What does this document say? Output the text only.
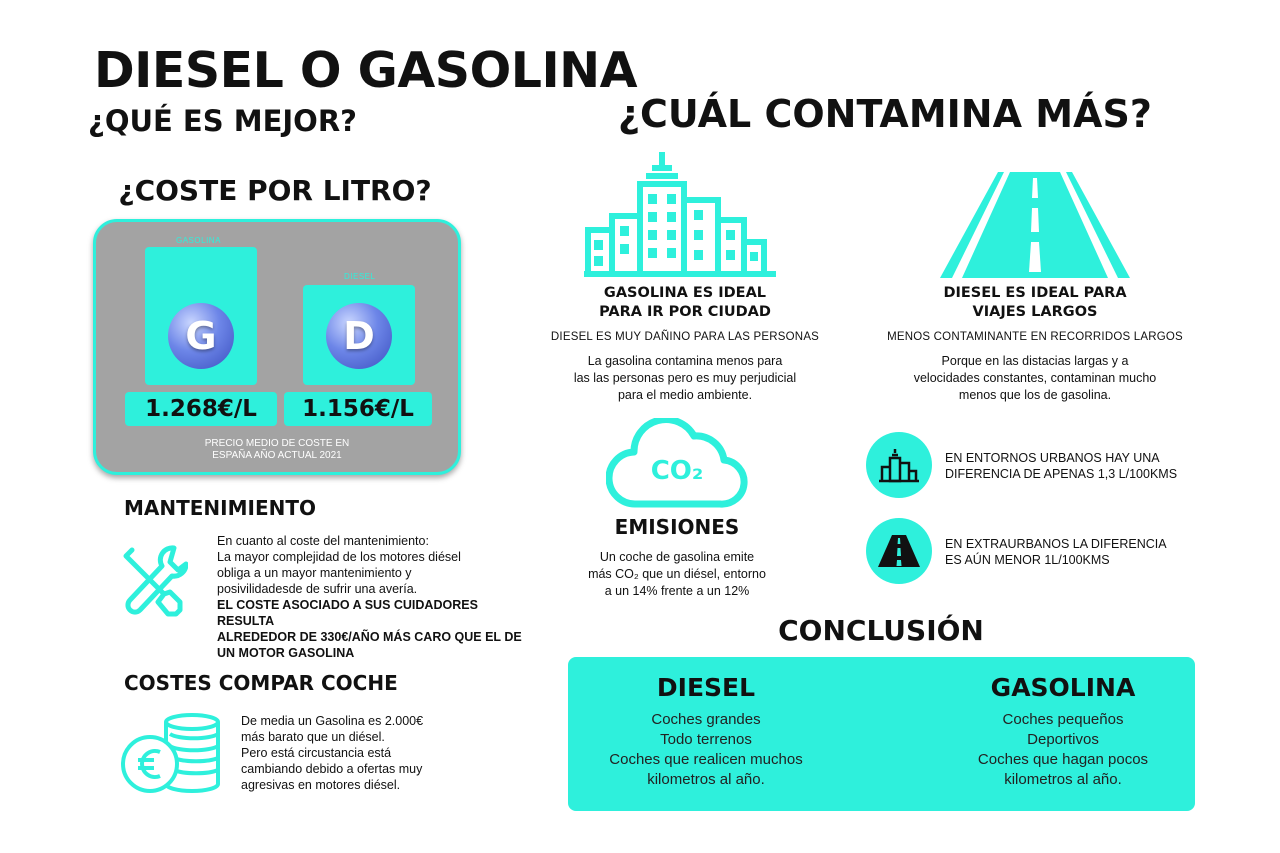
DIESEL O GASOLINA
¿QUÉ ES MEJOR?	¿CUÁL CONTAMINA MÁS?
¿COSTE POR LITRO?
GASOLINA
G
DIESEL
D
1.268€/L	1.156€/L
PRECIO MEDIO DE COSTE EN
ESPAÑA AÑO ACTUAL 2021
MANTENIMIENTO
En cuanto al coste del mantenimiento:
La mayor complejidad de los motores diésel
obliga a un mayor mantenimiento y
posivilidadesde de sufrir una avería.
EL COSTE ASOCIADO A SUS CUIDADORES RESULTA
ALREDEDOR DE 330€/AÑO MÁS CARO QUE EL DE
UN MOTOR GASOLINA
COSTES COMPAR COCHE
De media un Gasolina es 2.000€
más barato que un diésel.
Pero está circustancia está
cambiando debido a ofertas muy
agresivas en motores diésel.
GASOLINA ES IDEAL
PARA IR POR CIUDAD
DIESEL ES MUY DAÑINO PARA LAS PERSONAS
La gasolina contamina menos para
las las personas pero es muy perjudicial
para el medio ambiente.
DIESEL ES IDEAL PARA
VIAJES LARGOS
MENOS CONTAMINANTE EN RECORRIDOS LARGOS
Porque en las distacias largas y a
velocidades constantes, contaminan mucho
menos que los de gasolina.
CO₂
EMISIONES
Un coche de gasolina emite
más CO₂ que un diésel, entorno
a un 14% frente a un 12%
EN ENTORNOS URBANOS HAY UNA
DIFERENCIA DE APENAS 1,3 L/100KMS
EN EXTRAURBANOS LA DIFERENCIA
ES AÚN MENOR 1L/100KMS
CONCLUSIÓN
DIESEL
Coches grandes
Todo terrenos
Coches que realicen muchos
kilometros al año.
GASOLINA
Coches pequeños
Deportivos
Coches que hagan pocos
kilometros al año.
